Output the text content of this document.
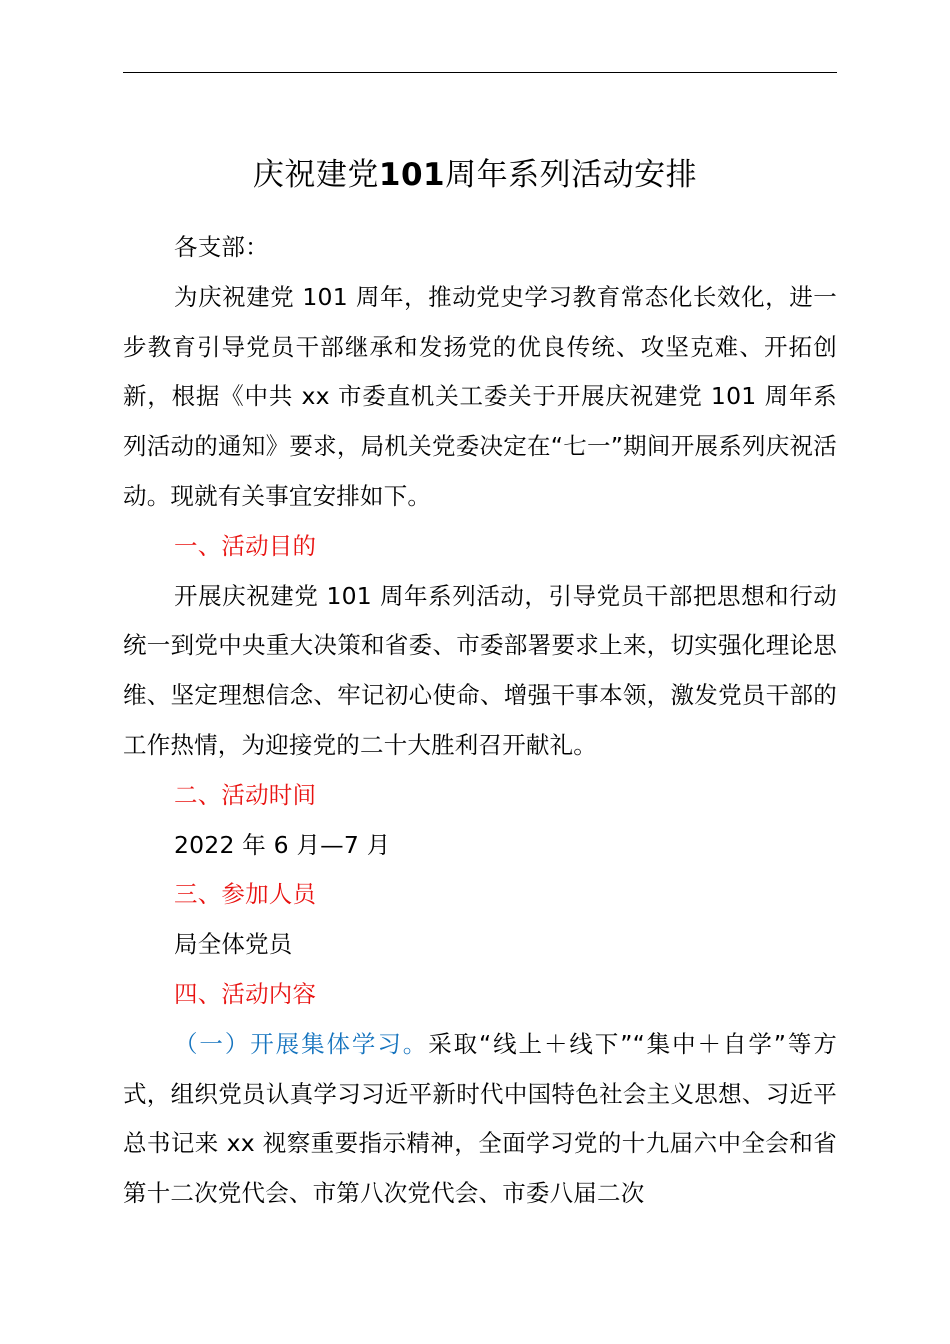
庆祝建党101周年系列活动安排

各支部：

为庆祝建党 101 周年，推动党史学习教育常态化长效化，进一步教育引导党员干部继承和发扬党的优良传统、攻坚克难、开拓创新，根据《中共 xx 市委直机关工委关于开展庆祝建党 101 周年系列活动的通知》要求，局机关党委决定在“七一”期间开展系列庆祝活动。现就有关事宜安排如下。

一、活动目的

开展庆祝建党 101 周年系列活动，引导党员干部把思想和行动统一到党中央重大决策和省委、市委部署要求上来，切实强化理论思维、坚定理想信念、牢记初心使命、增强干事本领，激发党员干部的工作热情，为迎接党的二十大胜利召开献礼。

二、活动时间

2022 年 6 月—7 月

三、参加人员

局全体党员

四、活动内容

（一）开展集体学习。采取“线上＋线下”“集中＋自学”等方式，组织党员认真学习习近平新时代中国特色社会主义思想、习近平总书记来 xx 视察重要指示精神，全面学习党的十九届六中全会和省第十二次党代会、市第八次党代会、市委八届二次
